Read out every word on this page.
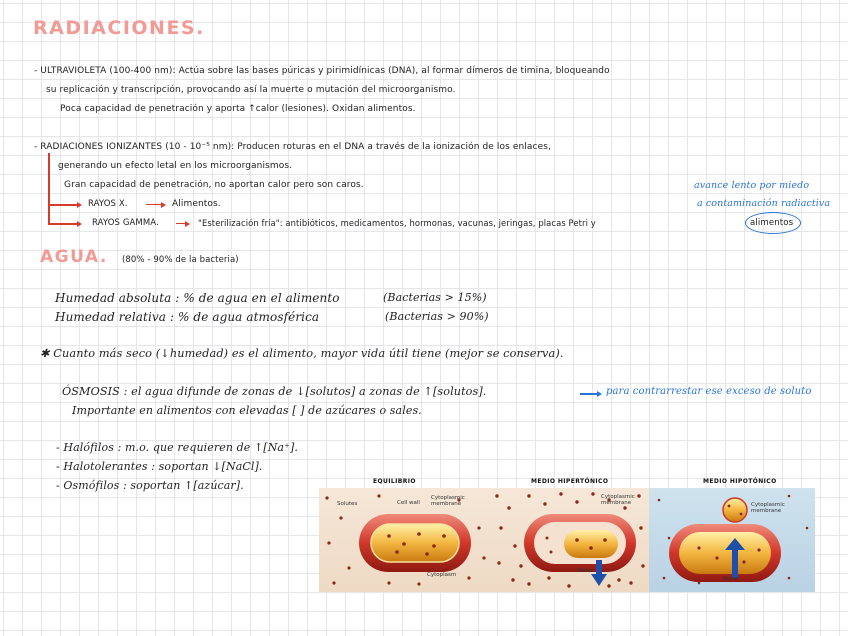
RADIACIONES.
- ULTRAVIOLETA (100-400 nm): Actúa sobre las bases púricas y pirimidínicas (DNA), al formar dímeros de timina, bloqueando
su replicación y transcripción, provocando así la muerte o mutación del microorganismo.
Poca capacidad de penetración y aporta ↑calor (lesiones). Oxidan alimentos.
- RADIACIONES IONIZANTES (10 - 10⁻⁵ nm): Producen roturas en el DNA a través de la ionización de los enlaces,
generando un efecto letal en los microorganismos.
Gran capacidad de penetración, no aportan calor pero son caros.
RAYOS X.	Alimentos.
RAYOS GAMMA.	"Esterilización fría": antibióticos, medicamentos, hormonas, vacunas, jeringas, placas Petri y	alimentos
avance lento por miedo
a contaminación radiactiva
AGUA. (80% - 90% de la bacteria)
Humedad absoluta : % de agua en el alimento	(Bacterias > 15%)
Humedad relativa : % de agua atmosférica	(Bacterias > 90%)
✱ Cuanto más seco (↓humedad) es el alimento, mayor vida útil tiene (mejor se conserva).
ÓSMOSIS : el agua difunde de zonas de ↓[solutos] a zonas de ↑[solutos].	para contrarrestar ese exceso de soluto
Importante en alimentos con elevadas [ ] de azúcares o sales.
- Halófilos : m.o. que requieren de ↑[Na⁺].
- Halotolerantes : soportan ↓[NaCl].
- Osmófilos : soportan ↑[azúcar].	EQUILIBRIO	MEDIO HIPERTÓNICO	MEDIO HIPOTÓNICO
Solutes	Cell wall
Cytoplasmic membrane
Cytoplasm
Cytoplasmic membrane
Water
Cytoplasmic membrane
Water
